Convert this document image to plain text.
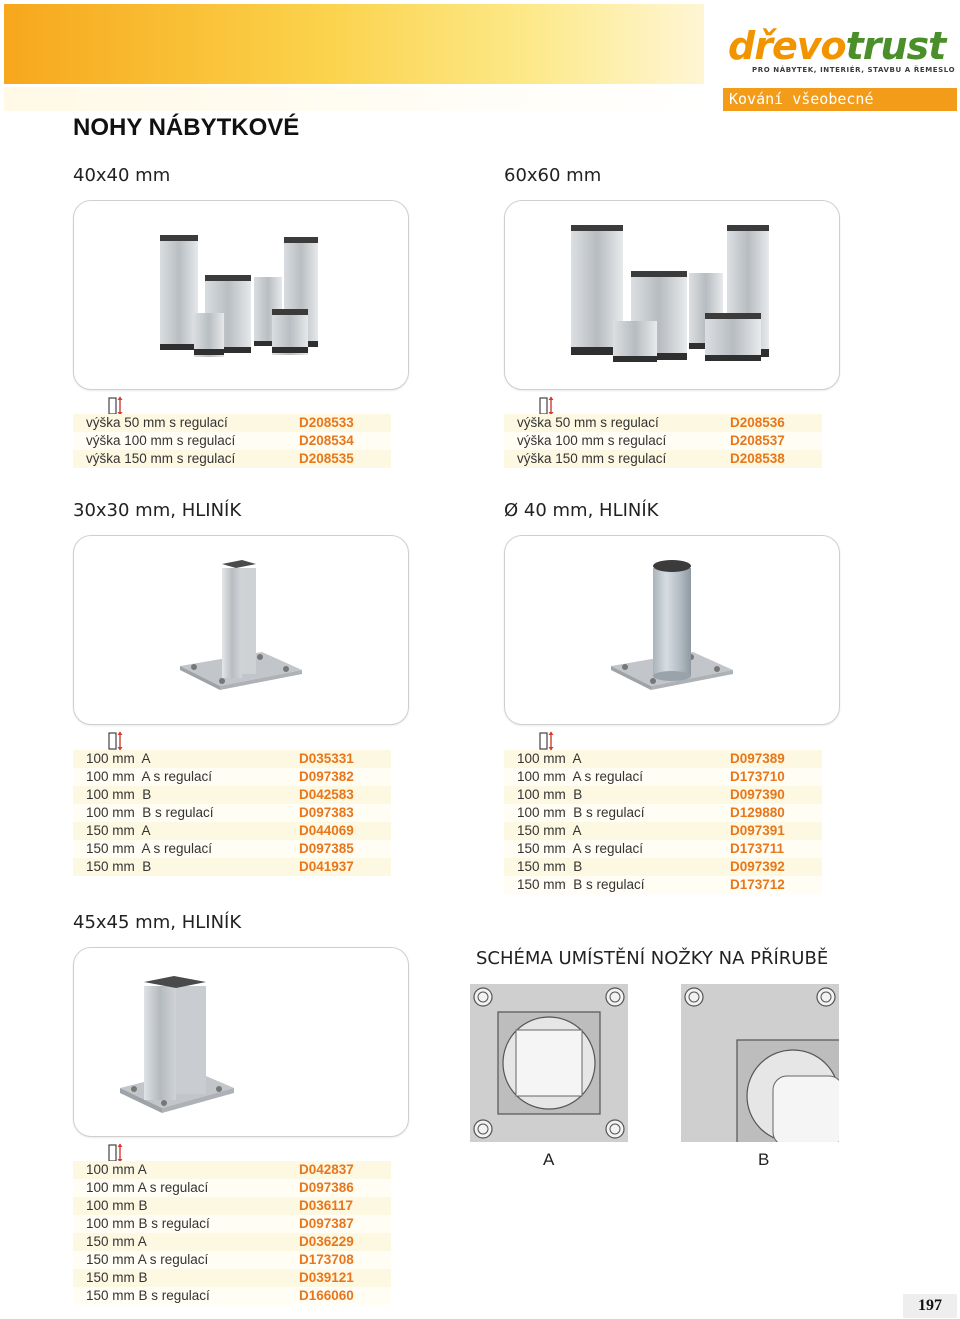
dřevotrust
PRO NÁBYTEK, INTERIÉR, STAVBU A ŘEMESLO
Kování všeobecné
NOHY NÁBYTKOVÉ
40x40 mm
výška 50 mm s regulací	D208533
výška 100 mm s regulací	D208534
výška 150 mm s regulací	D208535
60x60 mm
výška 50 mm s regulací	D208536
výška 100 mm s regulací	D208537
výška 150 mm s regulací	D208538
30x30 mm, HLINÍK
100 mm  A	D035331
100 mm  A s regulací	D097382
100 mm  B	D042583
100 mm  B s regulací	D097383
150 mm  A	D044069
150 mm  A s regulací	D097385
150 mm  B	D041937
Ø 40 mm, HLINÍK
100 mm  A	D097389
100 mm  A s regulací	D173710
100 mm  B	D097390
100 mm  B s regulací	D129880
150 mm  A	D097391
150 mm  A s regulací	D173711
150 mm  B	D097392
150 mm  B s regulací	D173712
45x45 mm, HLINÍK
100 mm A	D042837
100 mm A s regulací	D097386
100 mm B	D036117
100 mm B s regulací	D097387
150 mm A	D036229
150 mm A s regulací	D173708
150 mm B	D039121
150 mm B s regulací	D166060
SCHÉMA UMÍSTĚNÍ NOŽKY NA PŘÍRUBĚ
A	B
197
